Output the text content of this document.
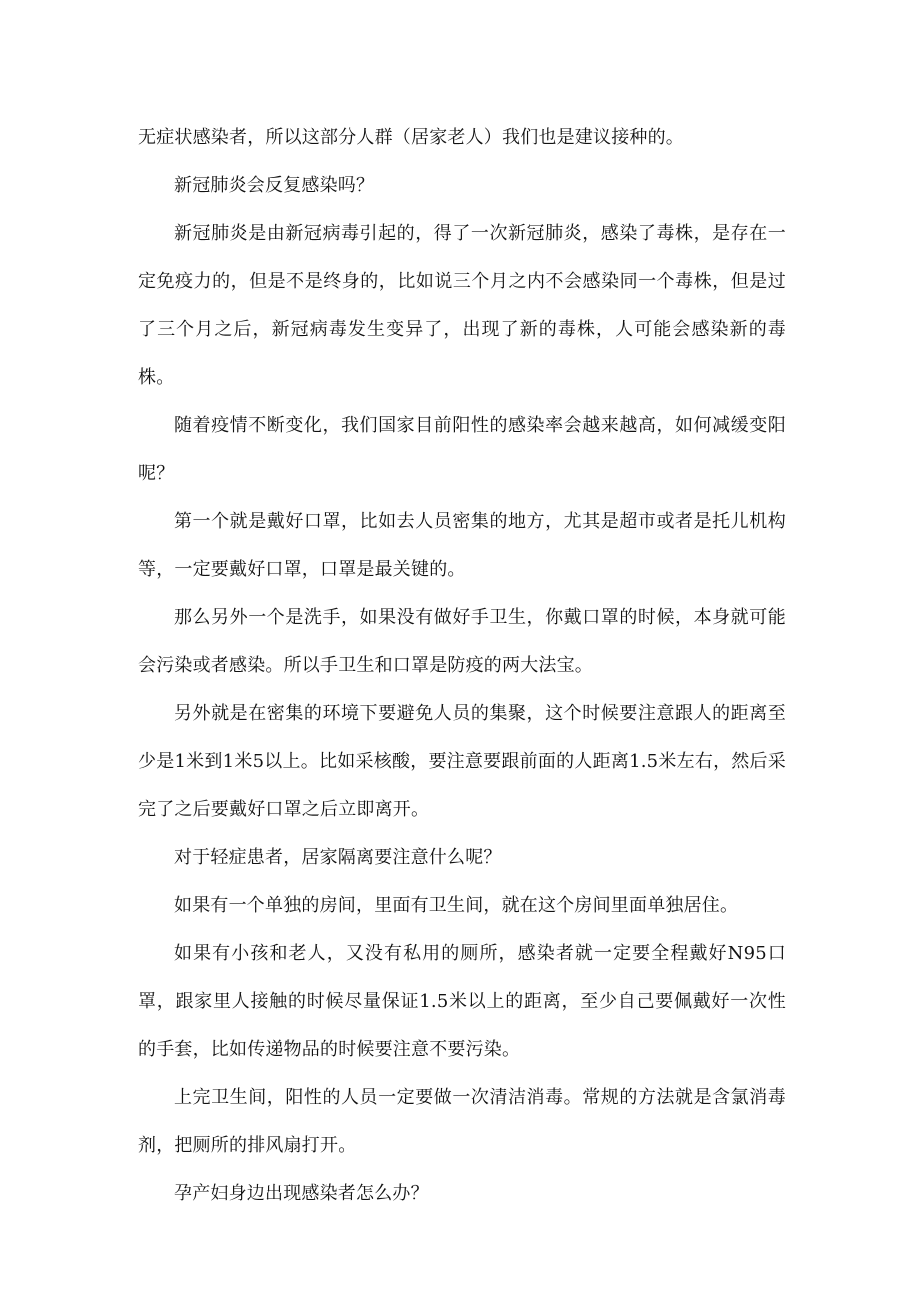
无症状感染者，所以这部分人群（居家老人）我们也是建议接种的。

新冠肺炎会反复感染吗？

新冠肺炎是由新冠病毒引起的，得了一次新冠肺炎，感染了毒株，是存在一定免疫力的，但是不是终身的，比如说三个月之内不会感染同一个毒株，但是过了三个月之后，新冠病毒发生变异了，出现了新的毒株，人可能会感染新的毒株。

随着疫情不断变化，我们国家目前阳性的感染率会越来越高，如何减缓变阳呢？

第一个就是戴好口罩，比如去人员密集的地方，尤其是超市或者是托儿机构等，一定要戴好口罩，口罩是最关键的。

那么另外一个是洗手，如果没有做好手卫生，你戴口罩的时候，本身就可能会污染或者感染。所以手卫生和口罩是防疫的两大法宝。

另外就是在密集的环境下要避免人员的集聚，这个时候要注意跟人的距离至少是1米到1米5以上。比如采核酸，要注意要跟前面的人距离1.5米左右，然后采完了之后要戴好口罩之后立即离开。

对于轻症患者，居家隔离要注意什么呢？

如果有一个单独的房间，里面有卫生间，就在这个房间里面单独居住。

如果有小孩和老人，又没有私用的厕所，感染者就一定要全程戴好N95口罩，跟家里人接触的时候尽量保证1.5米以上的距离，至少自己要佩戴好一次性的手套，比如传递物品的时候要注意不要污染。

上完卫生间，阳性的人员一定要做一次清洁消毒。常规的方法就是含氯消毒剂，把厕所的排风扇打开。

孕产妇身边出现感染者怎么办？
